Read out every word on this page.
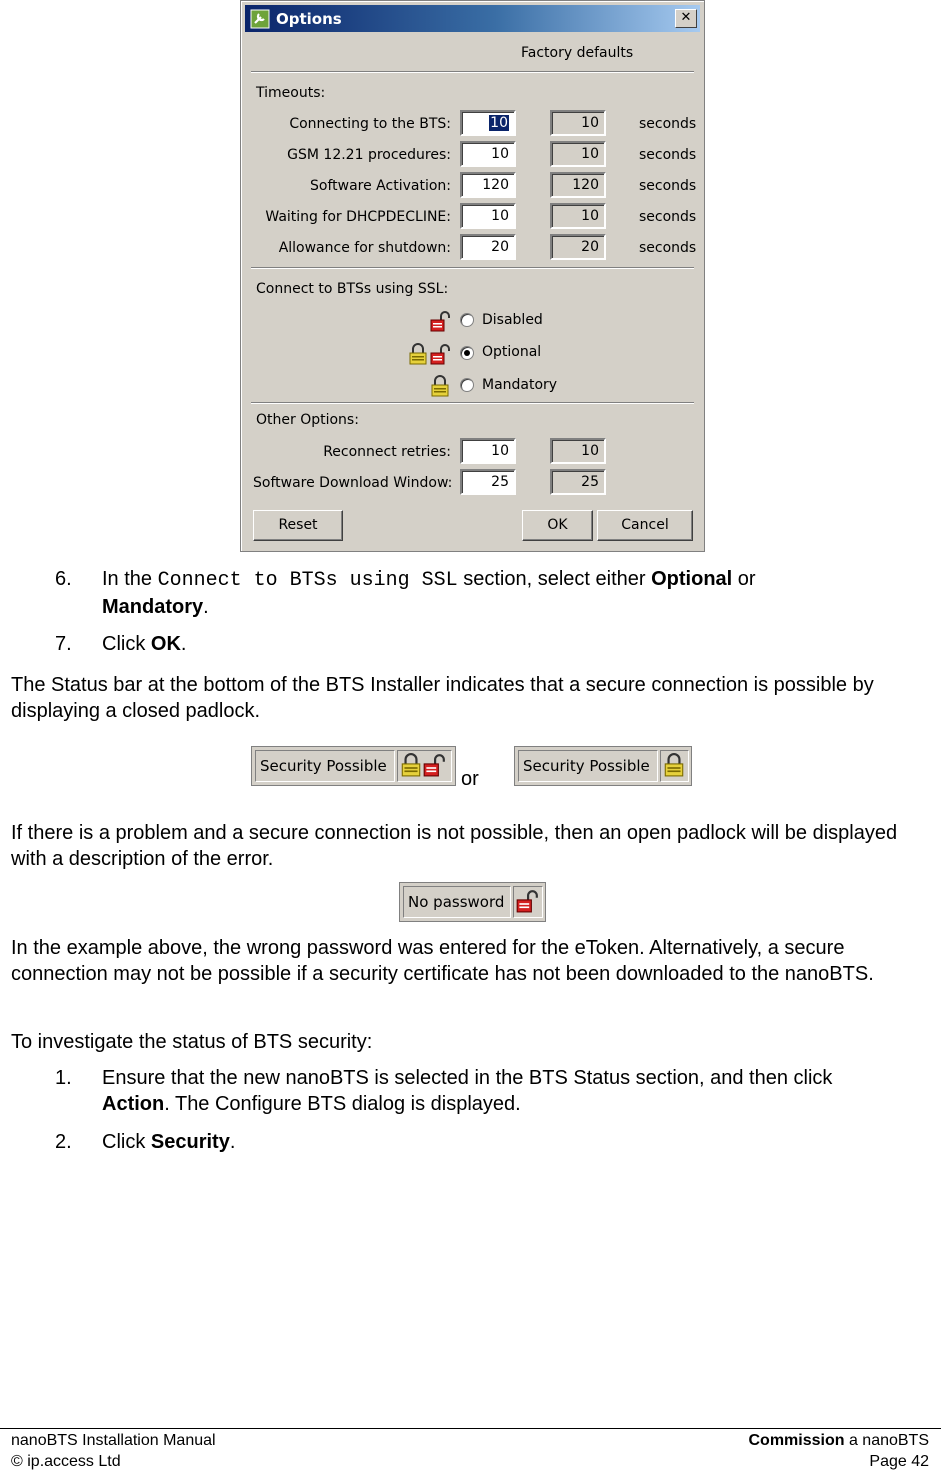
Options	✕
Factory defaults
Timeouts:
Connecting to the BTS:	10	10	seconds
GSM 12.21 procedures:	10	10	seconds
Software Activation:	120	120	seconds
Waiting for DHCPDECLINE:	10	10	seconds
Allowance for shutdown:	20	20	seconds
Connect to BTSs using SSL:
Disabled
Optional
Mandatory
Other Options:
Reconnect retries:	10	10
Software Download Window:	25	25
Reset	OK	Cancel
6. In the Connect to BTSs using SSL section, select either Optional or
Mandatory.
7. Click OK.
The Status bar at the bottom of the BTS Installer indicates that a secure connection is possible by displaying a closed padlock.
Security Possible
or
Security Possible
If there is a problem and a secure connection is not possible, then an open padlock will be displayed with a description of the error.
No password
In the example above, the wrong password was entered for the eToken. Alternatively, a secure connection may not be possible if a security certificate has not been downloaded to the nanoBTS.
To investigate the status of BTS security:
1. Ensure that the new nanoBTS is selected in the BTS Status section, and then click Action. The Configure BTS dialog is displayed.
2. Click Security.
nanoBTS Installation Manual
© ip.access Ltd
Commission a nanoBTS
Page 42
